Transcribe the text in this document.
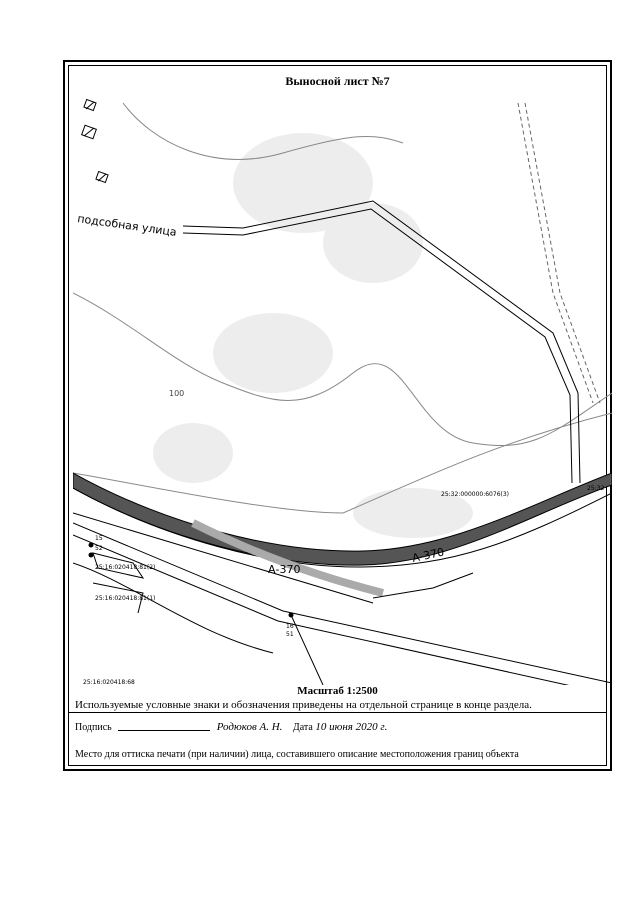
Выносной лист №7
подсобная улица
100
А-370
А-370
25:32:000000:6076(3)
25:32
25:16:020418:81(2)
25:16:020418:81(1)
25:16:020418:68
15
52
16
51
Масштаб 1:2500
Используемые условные знаки и обозначения приведены на отдельной странице в конце раздела.
Подпись	Родюков А. Н. Дата 10 июня 2020 г.
Место для оттиска печати (при наличии) лица, составившего описание местоположения границ объекта
